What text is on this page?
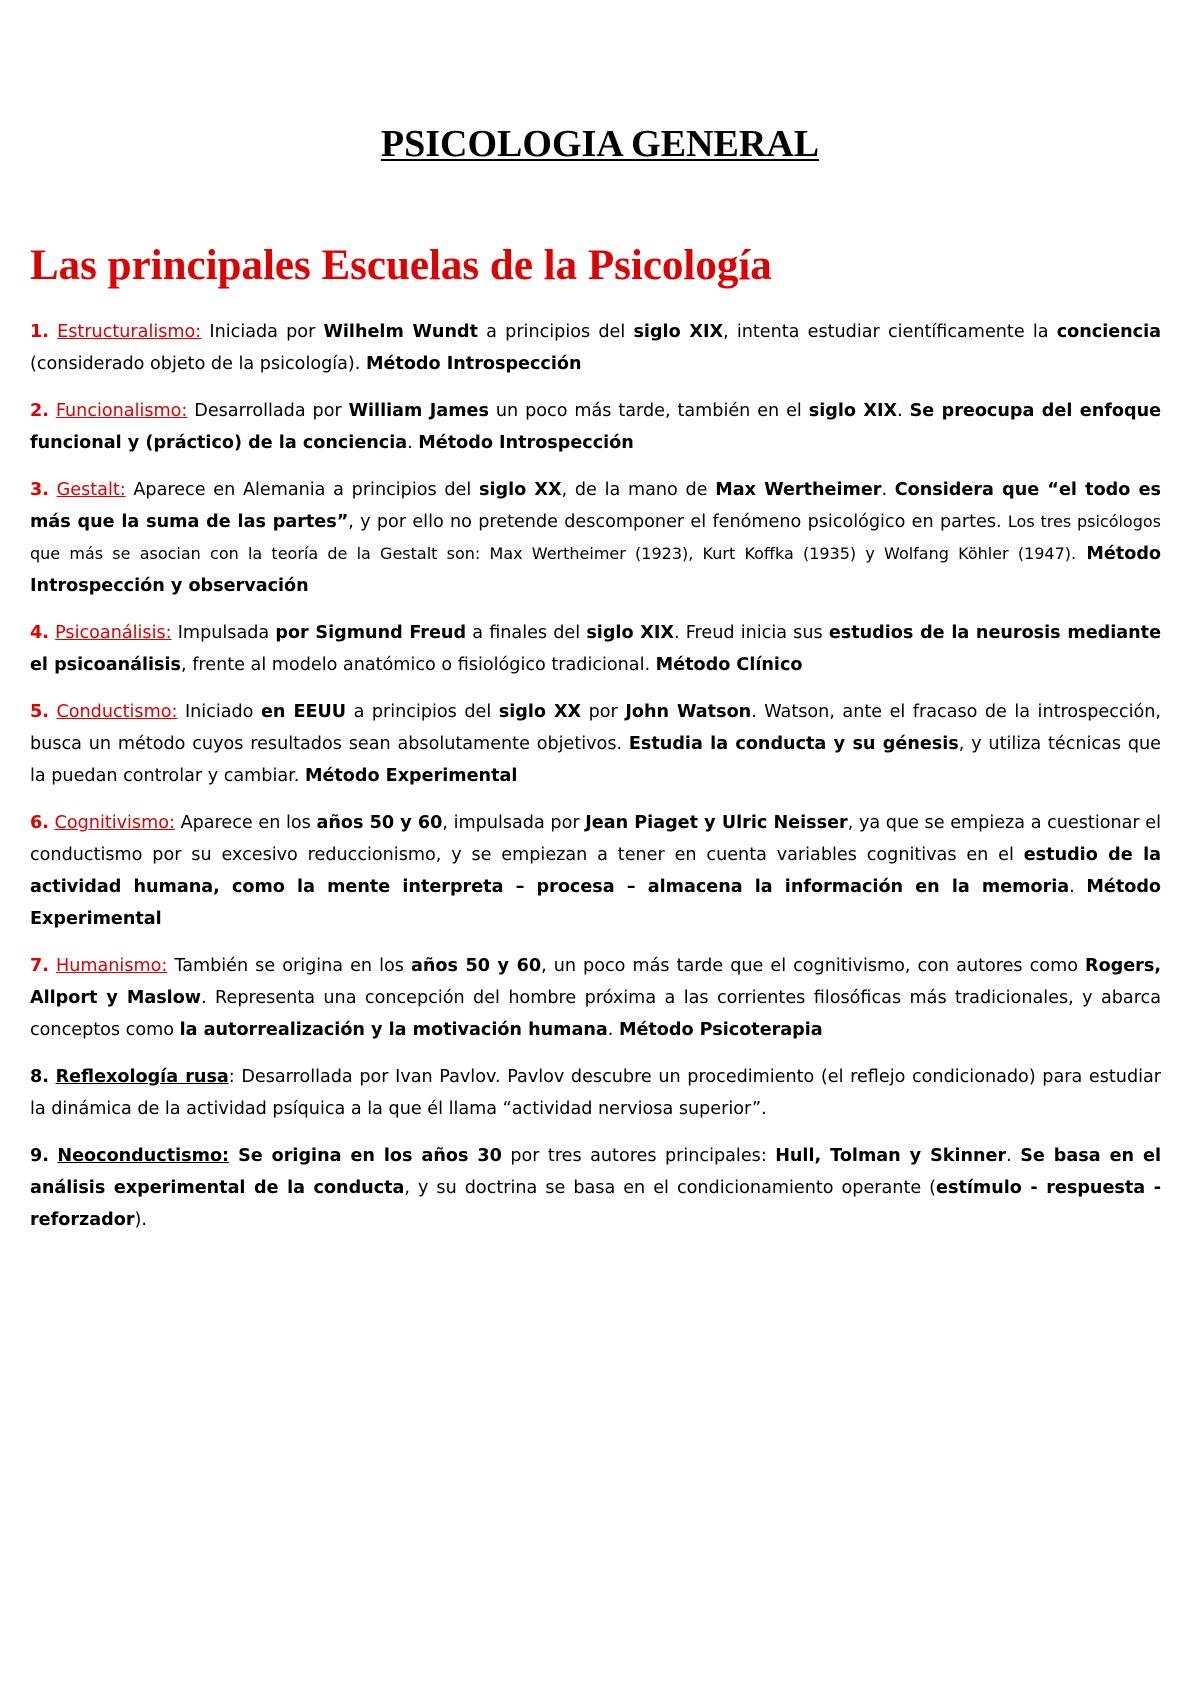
PSICOLOGIA GENERAL
Las principales Escuelas de la Psicología

1. Estructuralismo: Iniciada por Wilhelm Wundt a principios del siglo XIX, intenta estudiar científicamente la conciencia (considerado objeto de la psicología). Método Introspección

2. Funcionalismo: Desarrollada por William James un poco más tarde, también en el siglo XIX. Se preocupa del enfoque funcional y (práctico) de la conciencia. Método Introspección

3. Gestalt: Aparece en Alemania a principios del siglo XX, de la mano de Max Wertheimer. Considera que “el todo es más que la suma de las partes”, y por ello no pretende descomponer el fenómeno psicológico en partes. Los tres psicólogos que más se asocian con la teoría de la Gestalt son: Max Wertheimer (1923), Kurt Koffka (1935) y Wolfang Köhler (1947). Método Introspección y observación

4. Psicoanálisis: Impulsada por Sigmund Freud a finales del siglo XIX. Freud inicia sus estudios de la neurosis mediante el psicoanálisis, frente al modelo anatómico o fisiológico tradicional. Método Clínico

5. Conductismo: Iniciado en EEUU a principios del siglo XX por John Watson. Watson, ante el fracaso de la introspección, busca un método cuyos resultados sean absolutamente objetivos. Estudia la conducta y su génesis, y utiliza técnicas que la puedan controlar y cambiar. Método Experimental

6. Cognitivismo: Aparece en los años 50 y 60, impulsada por Jean Piaget y Ulric Neisser, ya que se empieza a cuestionar el conductismo por su excesivo reduccionismo, y se empiezan a tener en cuenta variables cognitivas en el estudio de la actividad humana, como la mente interpreta – procesa – almacena la información en la memoria. Método Experimental

7. Humanismo: También se origina en los años 50 y 60, un poco más tarde que el cognitivismo, con autores como Rogers, Allport y Maslow. Representa una concepción del hombre próxima a las corrientes filosóficas más tradicionales, y abarca conceptos como la autorrealización y la motivación humana. Método Psicoterapia

8. Reflexología rusa: Desarrollada por Ivan Pavlov. Pavlov descubre un procedimiento (el reflejo condicionado) para estudiar la dinámica de la actividad psíquica a la que él llama “actividad nerviosa superior”.

9. Neoconductismo: Se origina en los años 30 por tres autores principales: Hull, Tolman y Skinner. Se basa en el análisis experimental de la conducta, y su doctrina se basa en el condicionamiento operante (estímulo - respuesta - reforzador).
